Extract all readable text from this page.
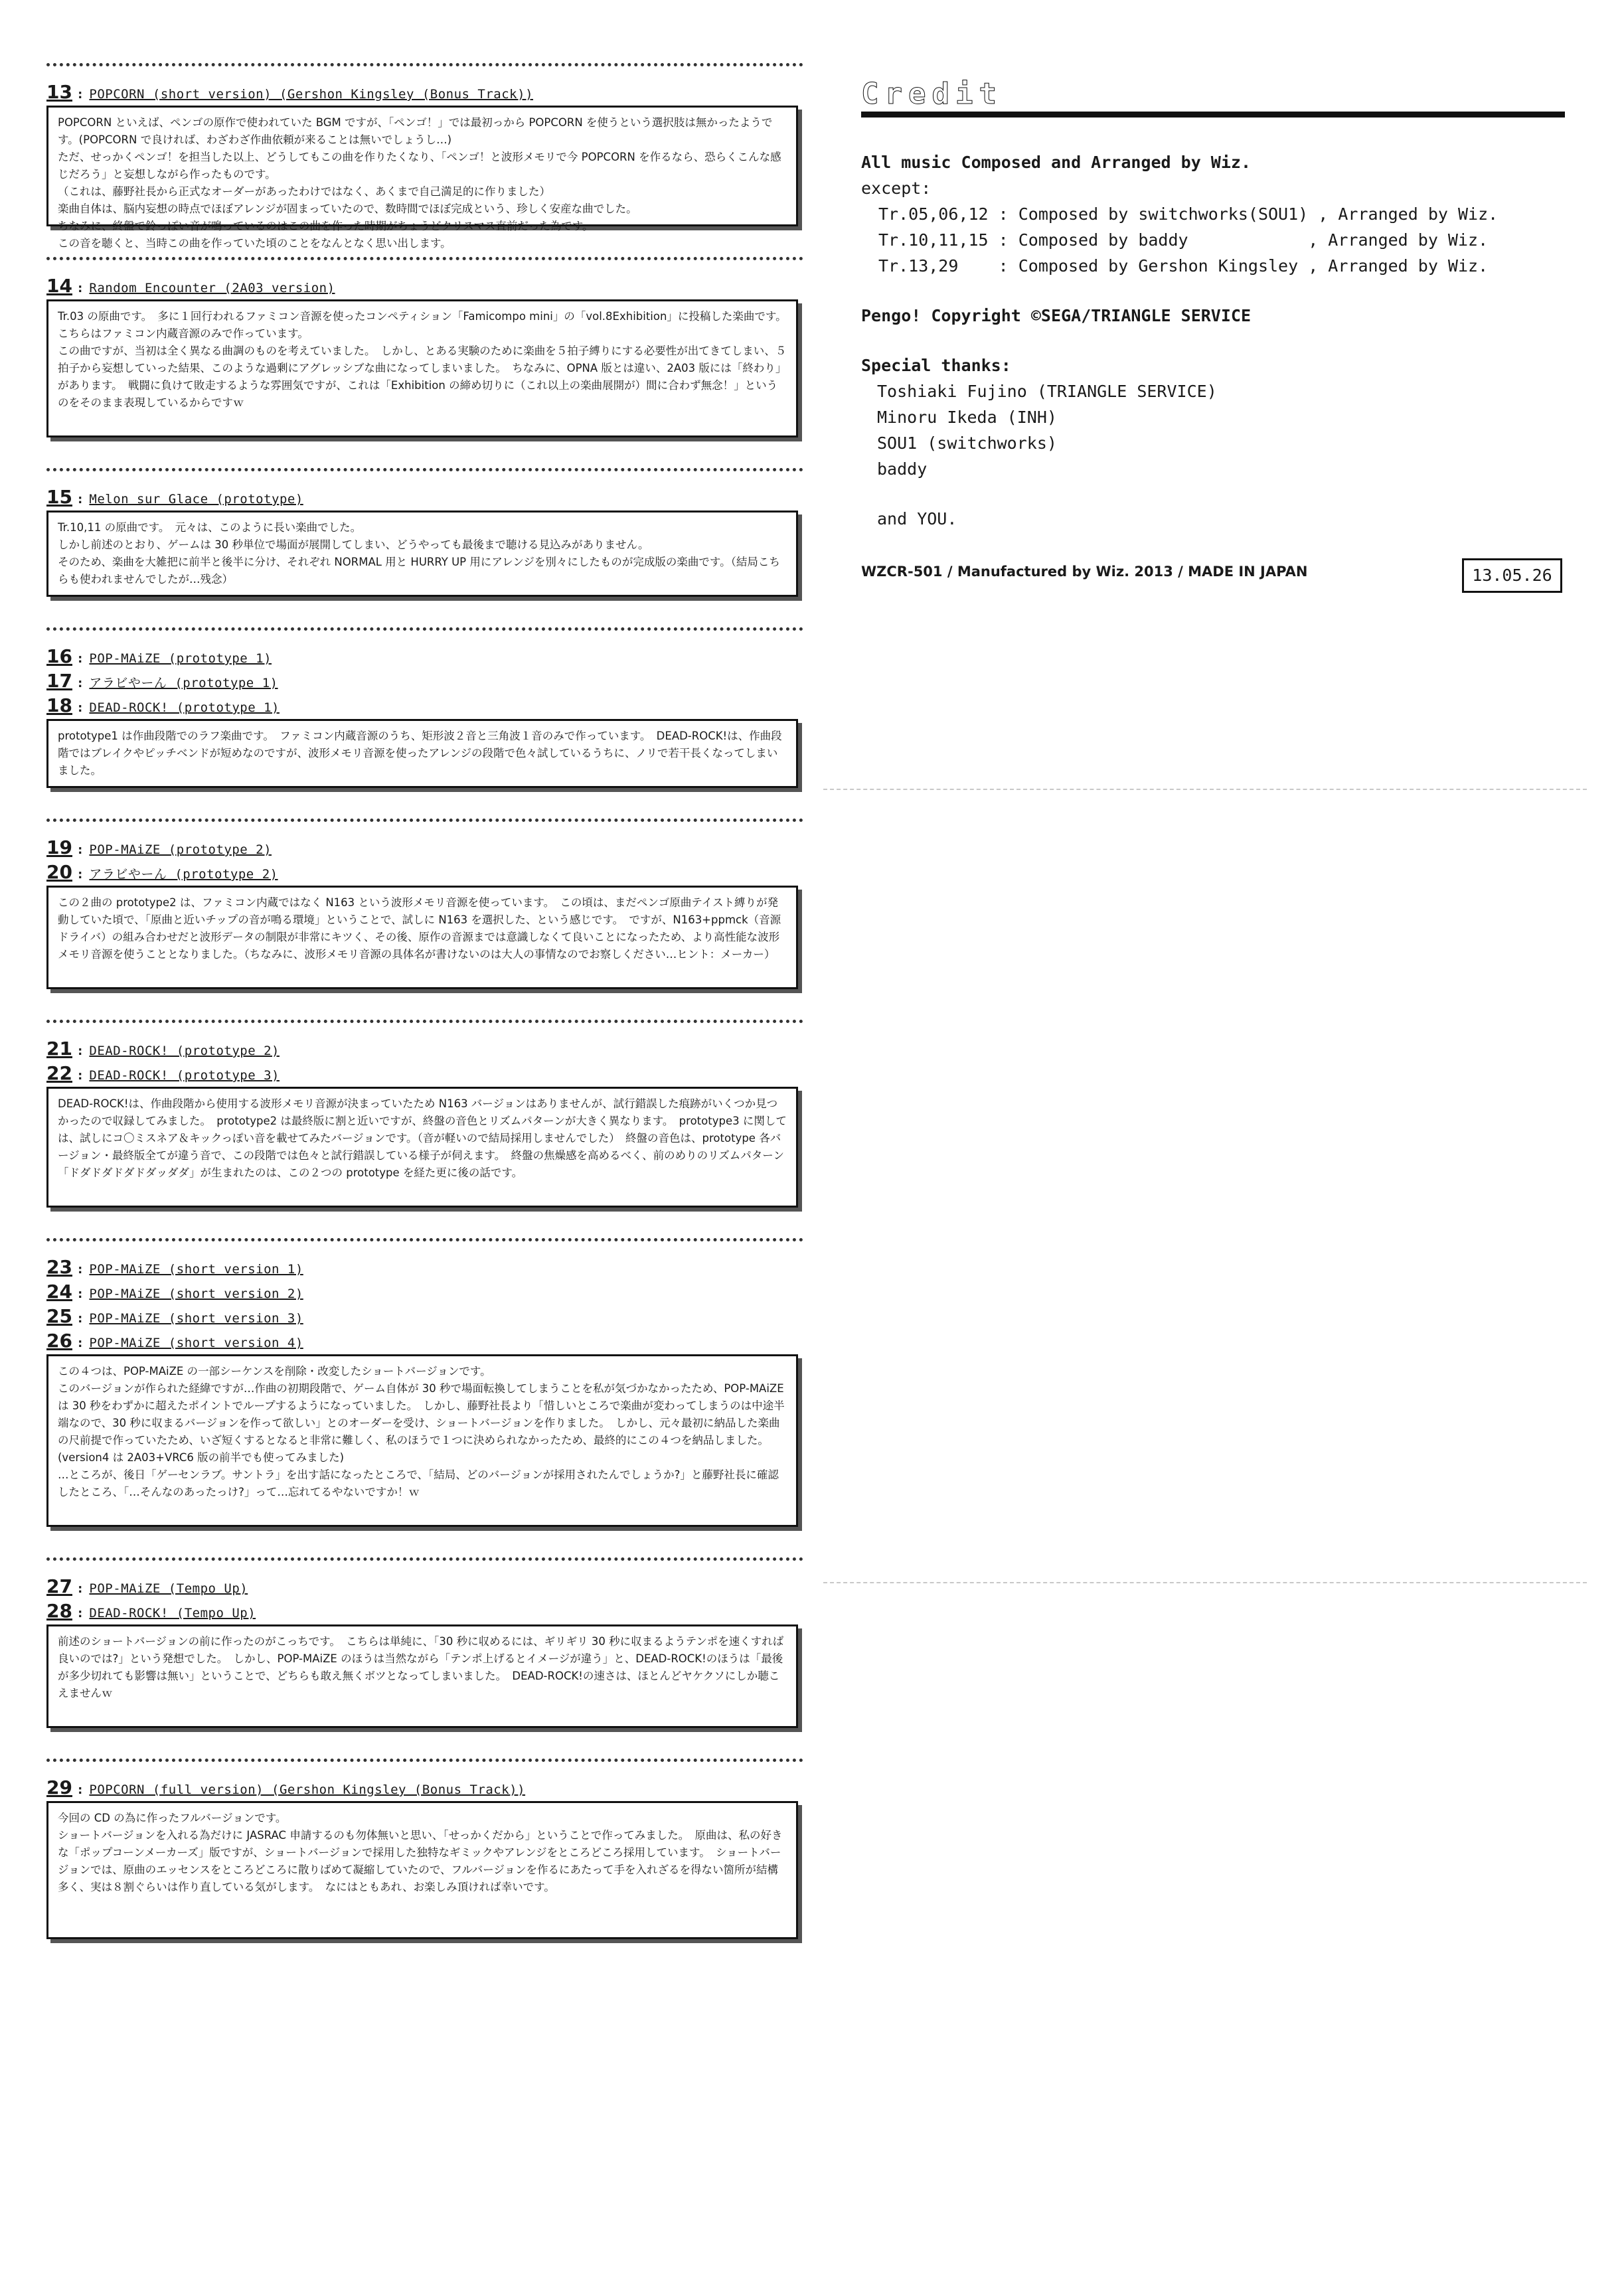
13 : POPCORN (short version) (Gershon Kingsley (Bonus Track))
POPCORN といえば、ペンゴの原作で使われていた BGM ですが、「ペンゴ！」では最初っから POPCORN を使うという選択肢は無かったようです。(POPCORN で良ければ、わざわざ作曲依頼が来ることは無いでしょうし…)
ただ、せっかくペンゴ！を担当した以上、どうしてもこの曲を作りたくなり、「ペンゴ！と波形メモリで今 POPCORN を作るなら、恐らくこんな感じだろう」と妄想しながら作ったものです。
（これは、藤野社長から正式なオーダーがあったわけではなく、あくまで自己満足的に作りました）
楽曲自体は、脳内妄想の時点でほぼアレンジが固まっていたので、数時間でほぼ完成という、珍しく安産な曲でした。
ちなみに、終盤で鈴っぽい音が鳴っているのはこの曲を作った時期がちょうどクリスマス直前だった為です。
この音を聴くと、当時この曲を作っていた頃のことをなんとなく思い出します。
14 : Random Encounter (2A03 version)
Tr.03 の原曲です。　多に１回行われるファミコン音源を使ったコンペティション「Famicompo mini」の「vol.8Exhibition」に投稿した楽曲です。　こちらはファミコン内蔵音源のみで作っています。
この曲ですが、当初は全く異なる曲調のものを考えていました。　しかし、とある実験のために楽曲を５拍子縛りにする必要性が出てきてしまい、５拍子から妄想していった結果、このような過剰にアグレッシブな曲になってしまいました。　ちなみに、OPNA 版とは違い、2A03 版には「終わり」があります。　戦闘に負けて敗走するような雰囲気ですが、これは「Exhibition の締め切りに（これ以上の楽曲展開が）間に合わず無念！」というのをそのまま表現しているからですｗ
15 : Melon sur Glace (prototype)
Tr.10,11 の原曲です。　元々は、このように長い楽曲でした。
しかし前述のとおり、ゲームは 30 秒単位で場面が展開してしまい、どうやっても最後まで聴ける見込みがありません。
そのため、楽曲を大雑把に前半と後半に分け、それぞれ NORMAL 用と HURRY UP 用にアレンジを別々にしたものが完成版の楽曲です。（結局こちらも使われませんでしたが…残念）
16 : POP-MAiZE (prototype 1)
17 : アラビやーん (prototype 1)
18 : DEAD-ROCK! (prototype 1)
prototype1 は作曲段階でのラフ楽曲です。　ファミコン内蔵音源のうち、矩形波２音と三角波１音のみで作っています。　DEAD-ROCK!は、作曲段階ではブレイクやピッチベンドが短めなのですが、波形メモリ音源を使ったアレンジの段階で色々試しているうちに、ノリで若干長くなってしまいました。
19 : POP-MAiZE (prototype 2)
20 : アラビやーん (prototype 2)
この２曲の prototype2 は、ファミコン内蔵ではなく N163 という波形メモリ音源を使っています。　この頃は、まだペンゴ原曲テイスト縛りが発動していた頃で、「原曲と近いチップの音が鳴る環境」ということで、試しに N163 を選択した、という感じです。　ですが、N163+ppmck（音源ドライバ）の組み合わせだと波形データの制限が非常にキツく、その後、原作の音源までは意識しなくて良いことになったため、より高性能な波形メモリ音源を使うこととなりました。（ちなみに、波形メモリ音源の具体名が書けないのは大人の事情なのでお察しください…ヒント：メーカー）
21 : DEAD-ROCK! (prototype 2)
22 : DEAD-ROCK! (prototype 3)
DEAD-ROCK!は、作曲段階から使用する波形メモリ音源が決まっていたため N163 バージョンはありませんが、試行錯誤した痕跡がいくつか見つかったので収録してみました。　prototype2 は最終版に割と近いですが、終盤の音色とリズムパターンが大きく異なります。　prototype3 に関しては、試しにコ〇ミスネア＆キックっぽい音を載せてみたバージョンです。（音が軽いので結局採用しませんでした）　終盤の音色は、prototype 各バージョン・最終版全てが違う音で、この段階では色々と試行錯誤している様子が伺えます。　終盤の焦燥感を高めるべく、前のめりのリズムパターン「ドダドダドダドダッダダ」が生まれたのは、この２つの prototype を経た更に後の話です。
23 : POP-MAiZE (short version 1)
24 : POP-MAiZE (short version 2)
25 : POP-MAiZE (short version 3)
26 : POP-MAiZE (short version 4)
この４つは、POP-MAiZE の一部シーケンスを削除・改変したショートバージョンです。
このバージョンが作られた経緯ですが…作曲の初期段階で、ゲーム自体が 30 秒で場面転換してしまうことを私が気づかなかったため、POP-MAiZE は 30 秒をわずかに超えたポイントでループするようになっていました。　しかし、藤野社長より「惜しいところで楽曲が変わってしまうのは中途半端なので、30 秒に収まるバージョンを作って欲しい」とのオーダーを受け、ショートバージョンを作りました。　しかし、元々最初に納品した楽曲の尺前提で作っていたため、いざ短くするとなると非常に難しく、私のほうで１つに決められなかったため、最終的にこの４つを納品しました。(version4 は 2A03+VRC6 版の前半でも使ってみました)
…ところが、後日「ゲーセンラブ。サントラ」を出す話になったところで、「結局、どのバージョンが採用されたんでしょうか?」と藤野社長に確認したところ、「…そんなのあったっけ?」って…忘れてるやないですか！ｗ
27 : POP-MAiZE (Tempo Up)
28 : DEAD-ROCK! (Tempo Up)
前述のショートバージョンの前に作ったのがこっちです。　こちらは単純に、「30 秒に収めるには、ギリギリ 30 秒に収まるようテンポを速くすれば良いのでは?」という発想でした。　しかし、POP-MAiZE のほうは当然ながら「テンポ上げるとイメージが違う」と、DEAD-ROCK!のほうは「最後が多少切れても影響は無い」ということで、どちらも敢え無くボツとなってしまいました。　DEAD-ROCK!の速さは、ほとんどヤケクソにしか聴こえませんｗ
29 : POPCORN (full version) (Gershon Kingsley (Bonus Track))
今回の CD の為に作ったフルバージョンです。
ショートバージョンを入れる為だけに JASRAC 申請するのも勿体無いと思い、「せっかくだから」ということで作ってみました。　原曲は、私の好きな「ポップコーンメーカーズ」版ですが、ショートバージョンで採用した独特なギミックやアレンジをところどころ採用しています。　ショートバージョンでは、原曲のエッセンスをところどころに散りばめて凝縮していたので、フルバージョンを作るにあたって手を入れざるを得ない箇所が結構多く、実は８割ぐらいは作り直している気がします。　なにはともあれ、お楽しみ頂ければ幸いです。
Credit
All music Composed and Arranged by Wiz.
except:
Tr.05,06,12 : Composed by switchworks(SOU1) , Arranged by Wiz.
Tr.10,11,15 : Composed by baddy            , Arranged by Wiz.
Tr.13,29    : Composed by Gershon Kingsley , Arranged by Wiz.
Pengo! Copyright ©SEGA/TRIANGLE SERVICE
Special thanks:
Toshiaki Fujino (TRIANGLE SERVICE)
Minoru Ikeda (INH)
SOU1 (switchworks)
baddy
and YOU.
WZCR-501 / Manufactured by Wiz. 2013 / MADE IN JAPAN	13.05.26
